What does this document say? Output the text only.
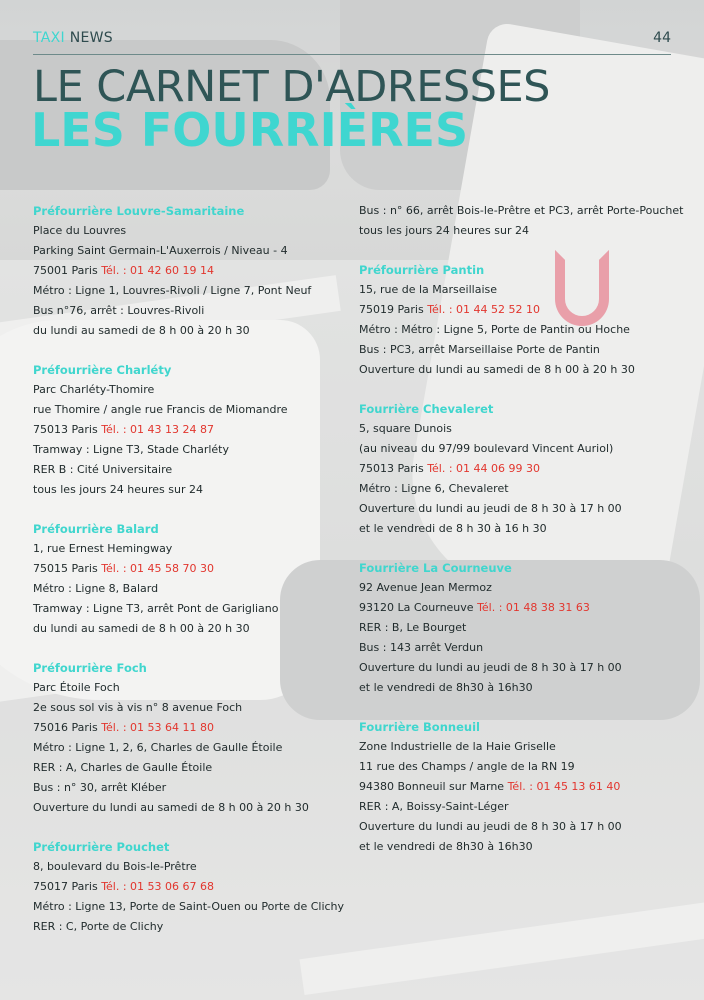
TAXI NEWS	44
LE CARNET D'ADRESSES
LES FOURRIÈRES
Préfourrière Louvre-Samaritaine
Place du Louvres
Parking Saint Germain-L'Auxerrois / Niveau - 4
75001 Paris Tél. : 01 42 60 19 14
Métro : Ligne 1, Louvres-Rivoli / Ligne 7, Pont Neuf
Bus n°76, arrêt : Louvres-Rivoli
du lundi au samedi de 8 h 00 à 20 h 30
Préfourrière Charléty
Parc Charléty-Thomire
rue Thomire / angle rue Francis de Miomandre
75013 Paris Tél. : 01 43 13 24 87
Tramway : Ligne T3, Stade Charléty
RER B : Cité Universitaire
tous les jours 24 heures sur 24
Préfourrière Balard
1, rue Ernest Hemingway
75015 Paris Tél. : 01 45 58 70 30
Métro : Ligne 8, Balard
Tramway : Ligne T3, arrêt Pont de Garigliano
du lundi au samedi de 8 h 00 à 20 h 30
Préfourrière Foch
Parc Étoile Foch
2e sous sol vis à vis n° 8 avenue Foch
75016 Paris Tél. : 01 53 64 11 80
Métro : Ligne 1, 2, 6, Charles de Gaulle Étoile
RER : A, Charles de Gaulle Étoile
Bus : n° 30, arrêt Kléber
Ouverture du lundi au samedi de 8 h 00 à 20 h 30
Préfourrière Pouchet
8, boulevard du Bois-le-Prêtre
75017 Paris Tél. : 01 53 06 67 68
Métro : Ligne 13, Porte de Saint-Ouen ou Porte de Clichy
RER : C, Porte de Clichy
Bus : n° 66, arrêt Bois-le-Prêtre et PC3, arrêt Porte-Pouchet
tous les jours 24 heures sur 24
Préfourrière Pantin
15, rue de la Marseillaise
75019 Paris Tél. : 01 44 52 52 10
Métro : Métro : Ligne 5, Porte de Pantin ou Hoche
Bus : PC3, arrêt Marseillaise Porte de Pantin
Ouverture du lundi au samedi de 8 h 00 à 20 h 30
Fourrière Chevaleret
5, square Dunois
(au niveau du 97/99 boulevard Vincent Auriol)
75013 Paris Tél. : 01 44 06 99 30
Métro : Ligne 6, Chevaleret
Ouverture du lundi au jeudi de 8 h 30 à 17 h 00
et le vendredi de 8 h 30 à 16 h 30
Fourrière La Courneuve
92 Avenue Jean Mermoz
93120 La Courneuve Tél. : 01 48 38 31 63
RER : B, Le Bourget
Bus : 143 arrêt Verdun
Ouverture du lundi au jeudi de 8 h 30 à 17 h 00
et le vendredi de 8h30 à 16h30
Fourrière Bonneuil
Zone Industrielle de la Haie Griselle
11 rue des Champs / angle de la RN 19
94380 Bonneuil sur Marne Tél. : 01 45 13 61 40
RER : A, Boissy-Saint-Léger
Ouverture du lundi au jeudi de 8 h 30 à 17 h 00
et le vendredi de 8h30 à 16h30
